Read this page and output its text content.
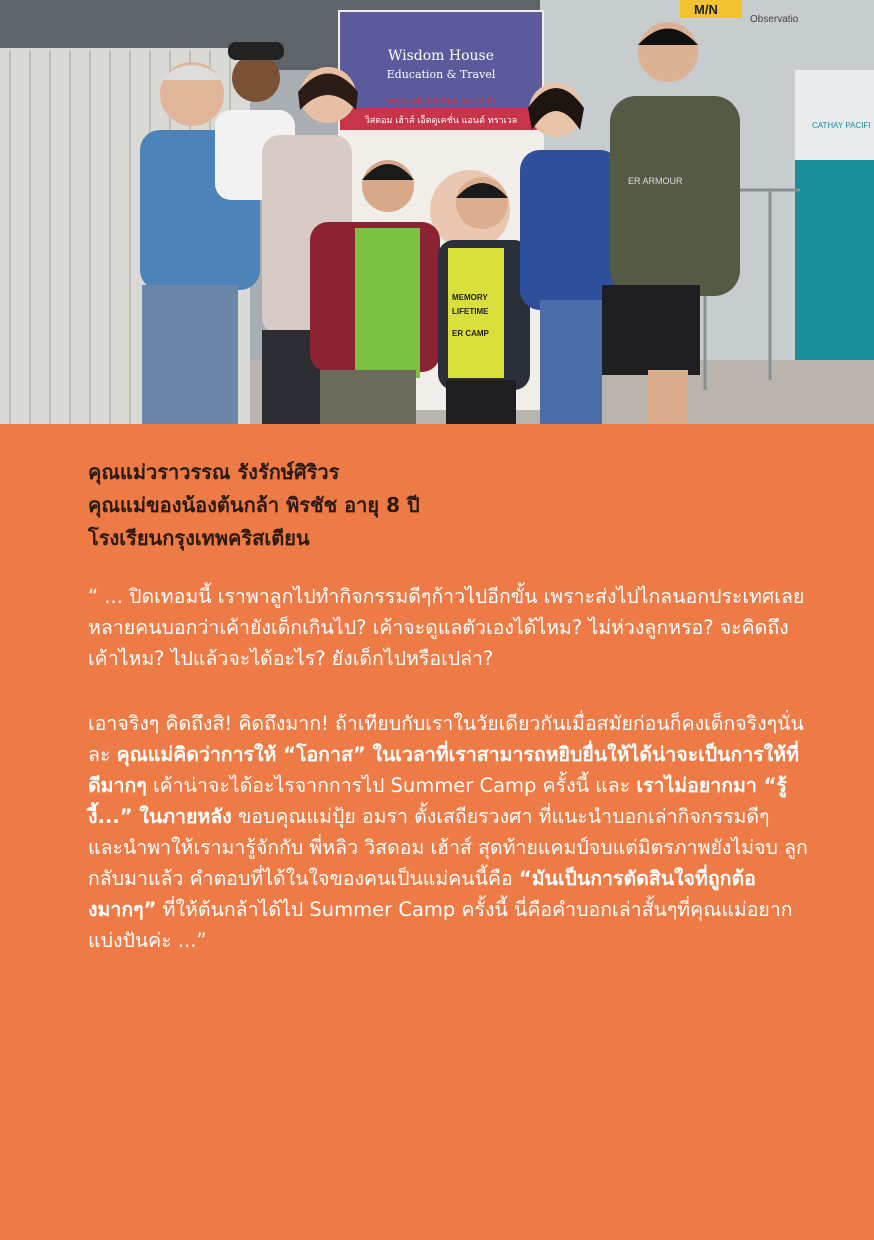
CATHAY PACIFI
M/N
Observatio
Wisdom House
Education & Travel
www.wisdomhouse.co.th
วิสดอม เฮ้าส์ เอ็ดดูเคชั่น แอนด์ ทราเวล
MEMORY
LIFETIME
ER CAMP
ER ARMOUR
คุณแม่วราวรรณ รังรักษ์ศิริวร
คุณแม่ของน้องต้นกล้า พิรชัช อายุ 8 ปี
โรงเรียนกรุงเทพคริสเตียน
“ ... ปิดเทอมนี้ เราพาลูกไปทำกิจกรรมดีๆก้าวไปอีกขั้น เพราะส่งไปไกลนอกประเทศเลย หลายคนบอกว่าเค้ายังเด็กเกินไป? เค้าจะดูแลตัวเองได้ไหม? ไม่ห่วงลูกหรอ? จะคิดถึงเค้าไหม? ไปแล้วจะได้อะไร? ยังเด็กไปหรือเปล่า?
เอาจริงๆ คิดถึงสิ! คิดถึงมาก! ถ้าเทียบกับเราในวัยเดียวกันเมื่อสมัยก่อนก็คงเด็กจริงๆนั่นละ คุณแม่คิดว่าการให้ “โอกาส” ในเวลาที่เราสามารถหยิบยื่นให้ได้น่าจะเป็นการให้ที่ดีมากๆ เค้าน่าจะได้อะไรจากการไป Summer Camp ครั้งนี้ และ เราไม่อยากมา “รู้งี้...” ในภายหลัง ขอบคุณแม่ปุ้ย อมรา ตั้งเสถียรวงศา ที่แนะนำบอกเล่ากิจกรรมดีๆ และนำพาให้เรามารู้จักกับ พี่หลิว วิสดอม เฮ้าส์ สุดท้ายแคมป์จบแต่มิตรภาพยังไม่จบ ลูกกลับมาแล้ว คำตอบที่ได้ในใจของคนเป็นแม่คนนี้คือ “มันเป็นการตัดสินใจที่ถูกต้องมากๆ” ที่ให้ต้นกล้าได้ไป Summer Camp ครั้งนี้ นี่คือคำบอกเล่าสั้นๆที่คุณแม่อยากแบ่งปันค่ะ ...”
